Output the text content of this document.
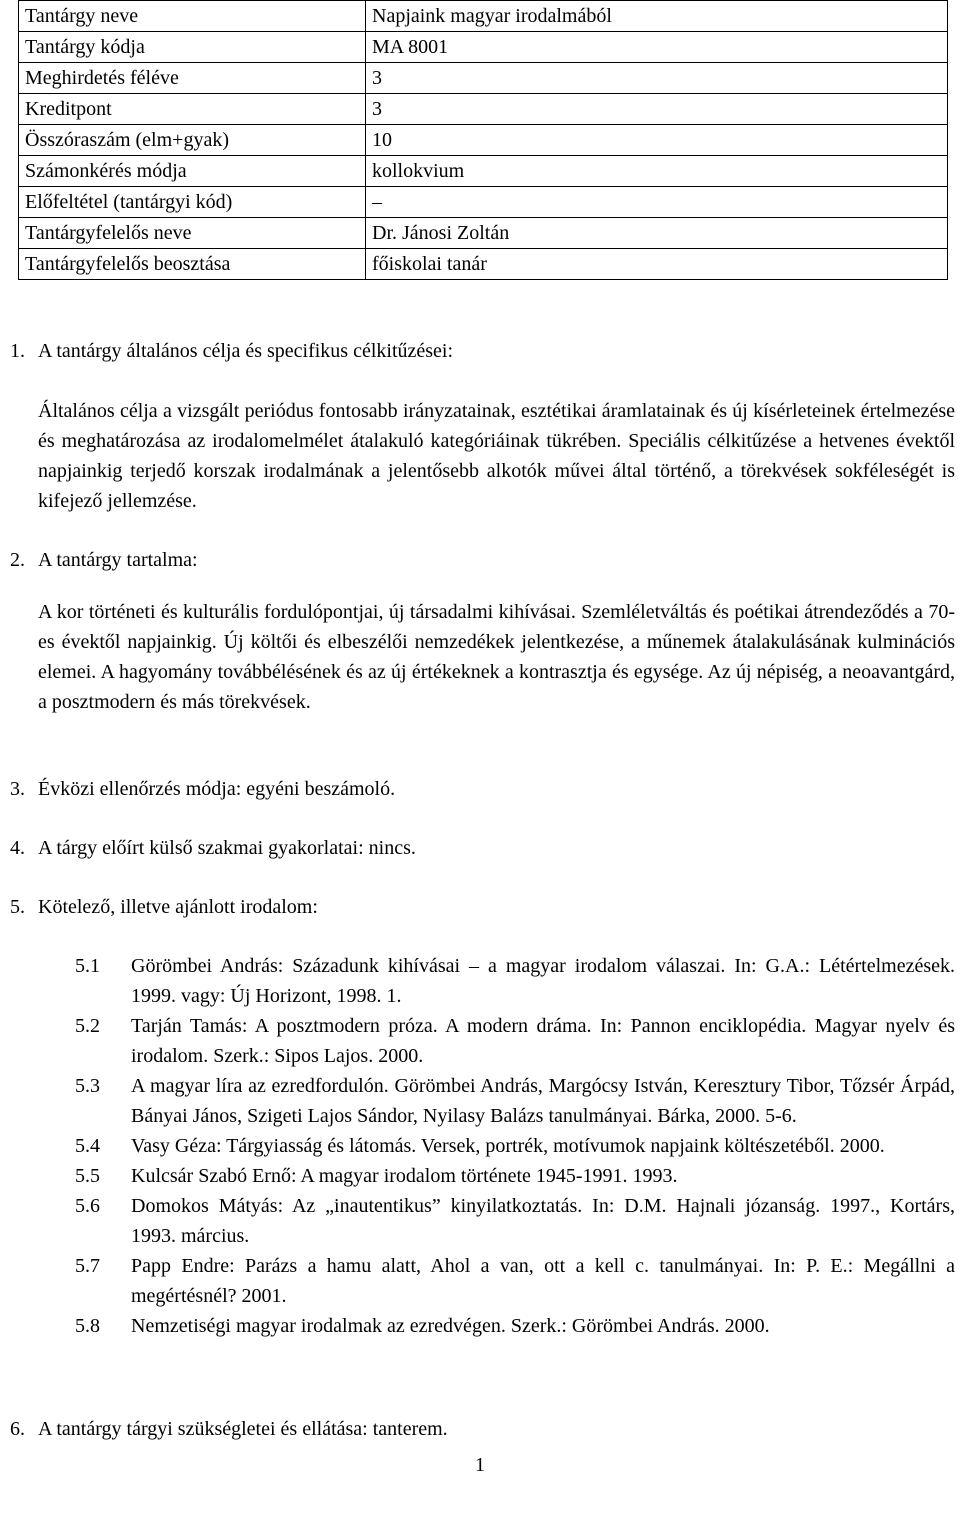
Tantárgy neve	Napjaink magyar irodalmából
Tantárgy kódja	MA 8001
Meghirdetés féléve	3
Kreditpont	3
Összóraszám (elm+gyak)	10
Számonkérés módja	kollokvium
Előfeltétel (tantárgyi kód)	–
Tantárgyfelelős neve	Dr. Jánosi Zoltán
Tantárgyfelelős beosztása	főiskolai tanár
1. A tantárgy általános célja és specifikus célkitűzései:
Általános célja a vizsgált periódus fontosabb irányzatainak, esztétikai áramlatainak és új kísérleteinek értelmezése és meghatározása az irodalomelmélet átalakuló kategóriáinak tükrében. Speciális célkitűzése a hetvenes évektől napjainkig terjedő korszak irodalmának a jelentősebb alkotók művei által történő, a törekvések sokféleségét is kifejező jellemzése.
2. A tantárgy tartalma:
A kor történeti és kulturális fordulópontjai, új társadalmi kihívásai. Szemléletváltás és poétikai átrendeződés a 70-es évektől napjainkig. Új költői és elbeszélői nemzedékek jelentkezése, a műnemek átalakulásának kulminációs elemei. A hagyomány továbbélésének és az új értékeknek a kontrasztja és egysége. Az új népiség, a neoavantgárd, a posztmodern és más törekvések.
3. Évközi ellenőrzés módja: egyéni beszámoló.
4. A tárgy előírt külső szakmai gyakorlatai: nincs.
5. Kötelező, illetve ajánlott irodalom:
5.1	Görömbei András: Századunk kihívásai – a magyar irodalom válaszai. In: G.A.: Létértelmezések. 1999. vagy: Új Horizont, 1998. 1.
5.2	Tarján Tamás: A posztmodern próza. A modern dráma. In: Pannon enciklopédia. Magyar nyelv és irodalom. Szerk.: Sipos Lajos. 2000.
5.3	A magyar líra az ezredfordulón. Görömbei András, Margócsy István, Keresztury Tibor, Tőzsér Árpád, Bányai János, Szigeti Lajos Sándor, Nyilasy Balázs tanulmányai. Bárka, 2000. 5-6.
5.4	Vasy Géza: Tárgyiasság és látomás. Versek, portrék, motívumok napjaink költészetéből. 2000.
5.5	Kulcsár Szabó Ernő: A magyar irodalom története 1945-1991. 1993.
5.6	Domokos Mátyás: Az „inautentikus” kinyilatkoztatás. In: D.M. Hajnali józanság. 1997., Kortárs, 1993. március.
5.7	Papp Endre: Parázs a hamu alatt, Ahol a van, ott a kell c. tanulmányai. In: P. E.: Megállni a megértésnél? 2001.
5.8	Nemzetiségi magyar irodalmak az ezredvégen. Szerk.: Görömbei András. 2000.
6. A tantárgy tárgyi szükségletei és ellátása: tanterem.
1
